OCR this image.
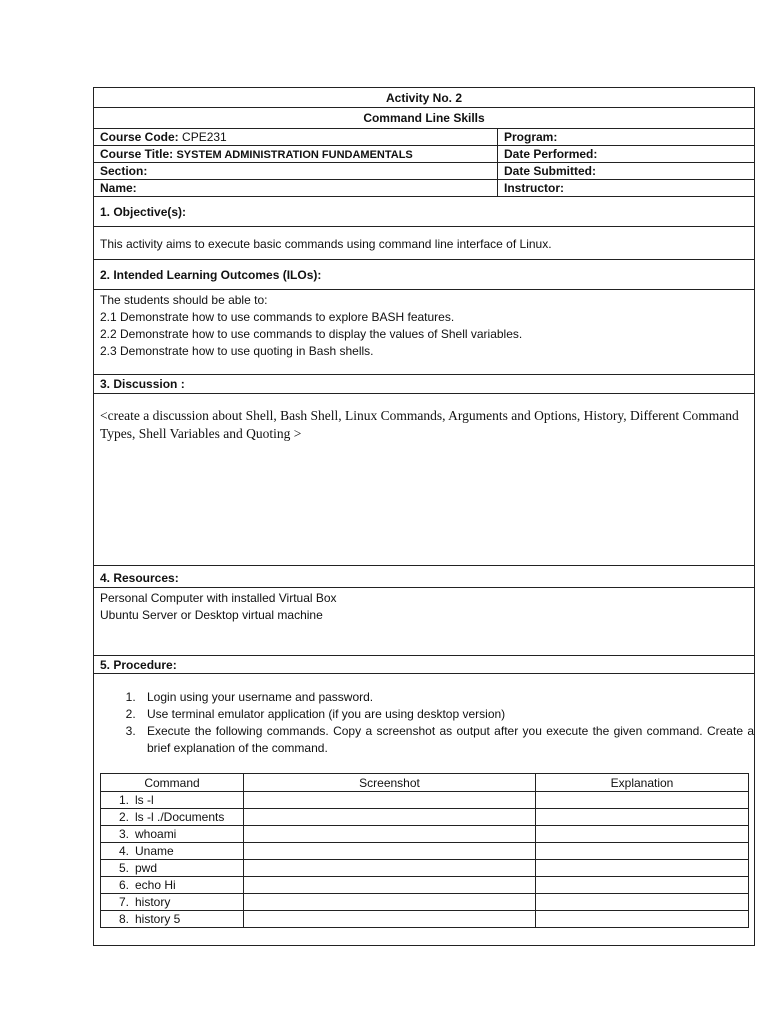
Activity No. 2
Command Line Skills
Course Code: CPE231	Program:
Course Title: SYSTEM ADMINISTRATION FUNDAMENTALS	Date Performed:
Section:	Date Submitted:
Name:	Instructor:
1. Objective(s):
This activity aims to execute basic commands using command line interface of Linux.
2. Intended Learning Outcomes (ILOs):
The students should be able to:
2.1 Demonstrate how to use commands to explore BASH features.
2.2 Demonstrate how to use commands to display the values of Shell variables.
2.3 Demonstrate how to use quoting in Bash shells.
3. Discussion :
<create a discussion about Shell, Bash Shell, Linux Commands, Arguments and Options, History, Different Command Types, Shell Variables and Quoting >
4. Resources:
Personal Computer with installed Virtual Box
Ubuntu Server or Desktop virtual machine
5. Procedure:
1. Login using your username and password.
2. Use terminal emulator application (if you are using desktop version)
3. Execute the following commands. Copy a screenshot as output after you execute the given command. Create a brief explanation of the command.
Command	Screenshot	Explanation
1. ls -l		
2. ls -l ./Documents		
3. whoami		
4. Uname		
5. pwd		
6. echo Hi		
7. history		
8. history 5		
